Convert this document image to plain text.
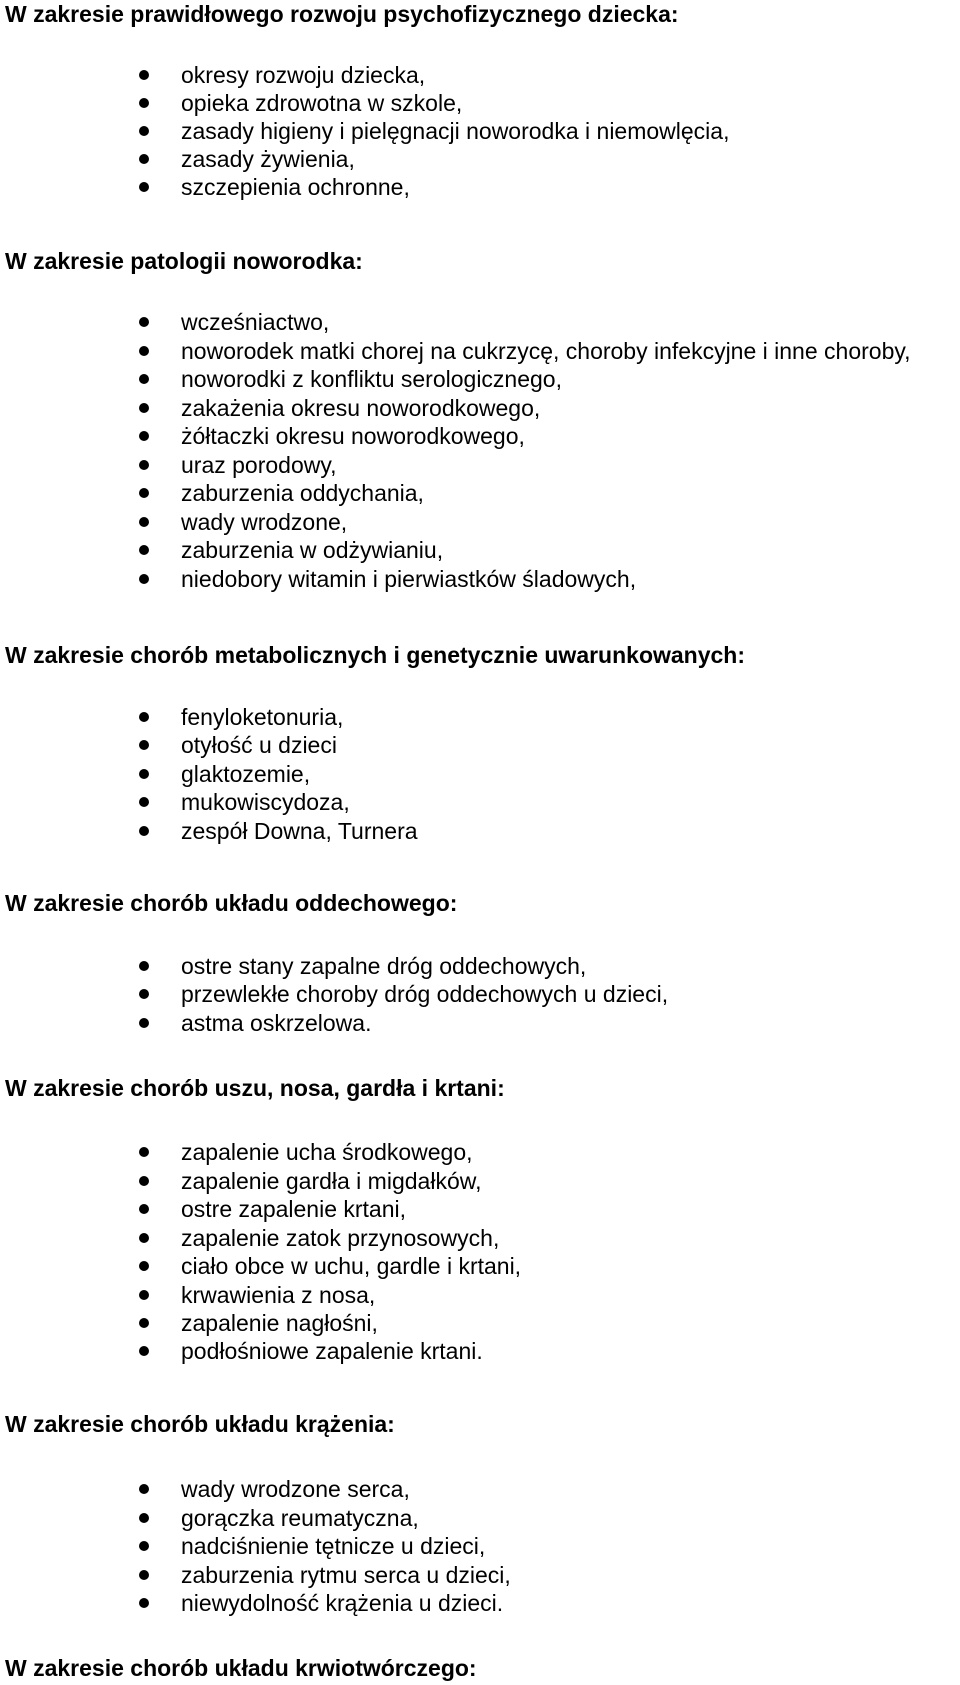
W zakresie prawidłowego rozwoju psychofizycznego dziecka:
okresy rozwoju dziecka,
opieka zdrowotna w szkole,
zasady higieny i pielęgnacji noworodka i niemowlęcia,
zasady żywienia,
szczepienia ochronne,
W zakresie patologii noworodka:
wcześniactwo,
noworodek matki chorej na cukrzycę, choroby infekcyjne i inne choroby,
noworodki z konfliktu serologicznego,
zakażenia okresu noworodkowego,
żółtaczki okresu noworodkowego,
uraz porodowy,
zaburzenia oddychania,
wady wrodzone,
zaburzenia w odżywianiu,
niedobory witamin i pierwiastków śladowych,
W zakresie chorób metabolicznych i genetycznie uwarunkowanych:
fenyloketonuria,
otyłość u dzieci
glaktozemie,
mukowiscydoza,
zespół Downa, Turnera
W zakresie chorób układu oddechowego:
ostre stany zapalne dróg oddechowych,
przewlekłe choroby dróg oddechowych u dzieci,
astma oskrzelowa.
W zakresie chorób uszu, nosa, gardła i krtani:
zapalenie ucha środkowego,
zapalenie gardła i migdałków,
ostre zapalenie krtani,
zapalenie zatok przynosowych,
ciało obce w uchu, gardle i krtani,
krwawienia z nosa,
zapalenie nagłośni,
podłośniowe zapalenie krtani.
W zakresie chorób układu krążenia:
wady wrodzone serca,
gorączka reumatyczna,
nadciśnienie tętnicze u dzieci,
zaburzenia rytmu serca u dzieci,
niewydolność krążenia u dzieci.
W zakresie chorób układu krwiotwórczego:
